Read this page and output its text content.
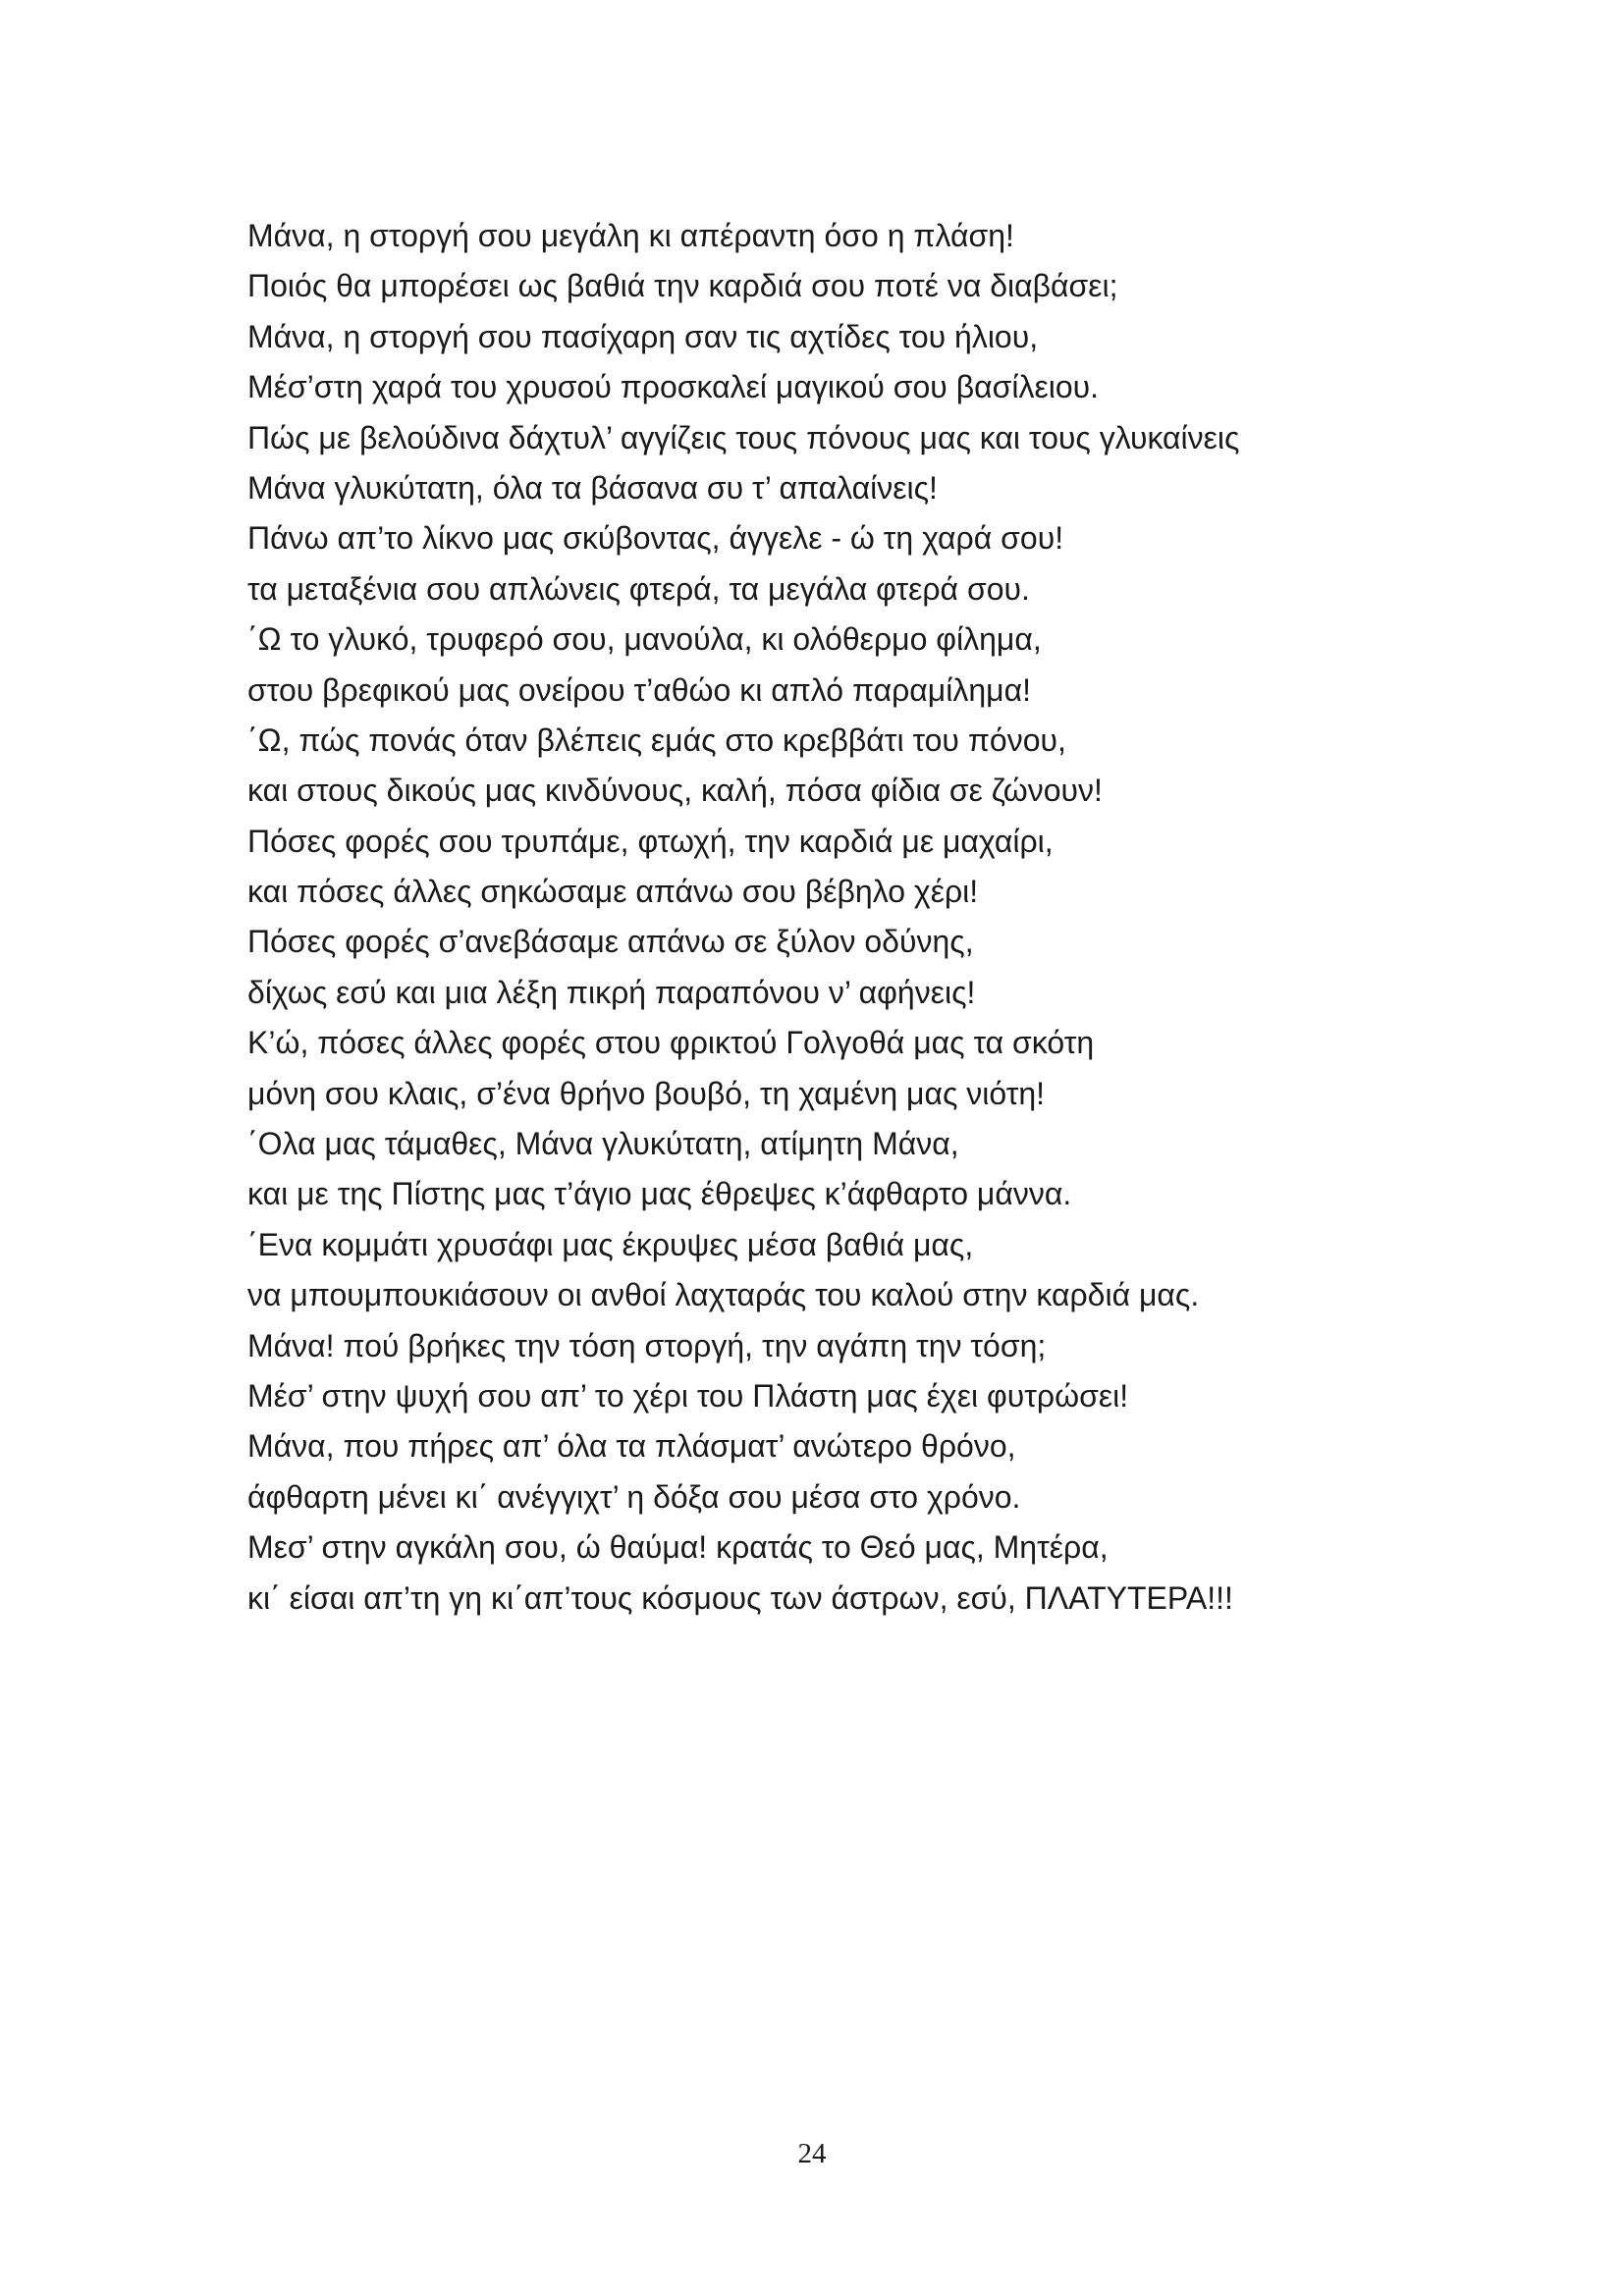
Μάνα, η στοργή σου μεγάλη κι απέραντη όσο η πλάση!
Ποιός θα μπορέσει ως βαθιά την καρδιά σου ποτέ να διαβάσει;
Μάνα, η στοργή σου πασίχαρη σαν τις αχτίδες του ήλιου,
Μέσ’στη χαρά του χρυσού προσκαλεί μαγικού σου βασίλειου.
Πώς με βελούδινα δάχτυλ’ αγγίζεις τους πόνους μας και τους γλυκαίνεις
Μάνα γλυκύτατη, όλα τα βάσανα συ τ’ απαλαίνεις!
Πάνω απ’το λίκνο μας σκύβοντας, άγγελε - ώ τη χαρά σου!
τα μεταξένια σου απλώνεις φτερά, τα μεγάλα φτερά σου.
΄Ω το γλυκό, τρυφερό σου, μανούλα, κι ολόθερμο φίλημα,
στου βρεφικού μας ονείρου τ’αθώο κι απλό παραμίλημα!
΄Ω, πώς πονάς όταν βλέπεις εμάς στο κρεββάτι του πόνου,
και στους δικούς μας κινδύνους, καλή, πόσα φίδια σε ζώνουν!
Πόσες φορές σου τρυπάμε, φτωχή, την καρδιά με μαχαίρι,
και πόσες άλλες σηκώσαμε απάνω σου βέβηλο χέρι!
Πόσες φορές σ’ανεβάσαμε απάνω σε ξύλον οδύνης,
δίχως εσύ και μια λέξη πικρή παραπόνου ν’ αφήνεις!
Κ’ώ, πόσες άλλες φορές στου φρικτού Γολγοθά μας τα σκότη
μόνη σου κλαις, σ’ένα θρήνο βουβό, τη χαμένη μας νιότη!
΄Ολα μας τάμαθες, Μάνα γλυκύτατη, ατίμητη Μάνα,
και με της Πίστης μας τ’άγιο μας έθρεψες κ’άφθαρτο μάννα.
΄Ενα κομμάτι χρυσάφι μας έκρυψες μέσα βαθιά μας,
να μπουμπουκιάσουν οι ανθοί λαχταράς του καλού στην καρδιά μας.
Μάνα! πού βρήκες την τόση στοργή, την αγάπη την τόση;
Μέσ’ στην ψυχή σου απ’ το χέρι του Πλάστη μας έχει φυτρώσει!
Μάνα, που πήρες απ’ όλα τα πλάσματ’ ανώτερο θρόνο,
άφθαρτη μένει κι΄ ανέγγιχτ’ η δόξα σου μέσα στο χρόνο.
Μεσ’ στην αγκάλη σου, ώ θαύμα! κρατάς το Θεό μας, Μητέρα,
κι΄ είσαι απ’τη γη κι΄απ’τους κόσμους των άστρων, εσύ, ΠΛΑΤΥΤΕΡΑ!!!
24
